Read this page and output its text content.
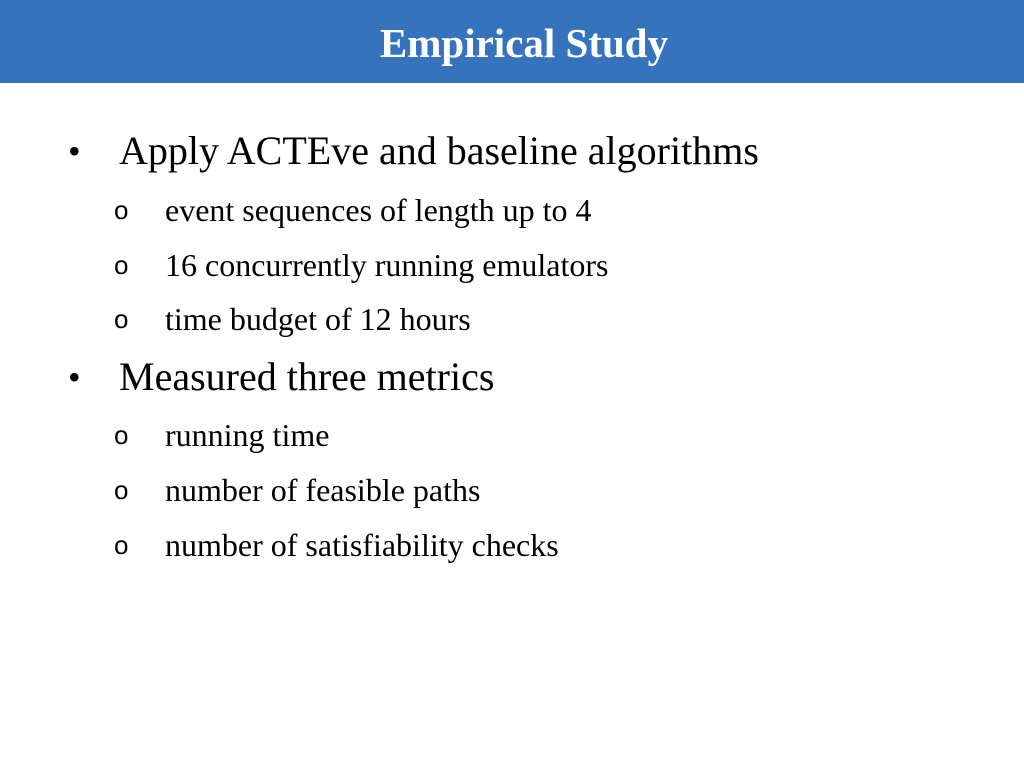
Empirical Study
• Apply ACTEve and baseline algorithms
o event sequences of length up to 4
o 16 concurrently running emulators
o time budget of 12 hours
• Measured three metrics
o running time
o number of feasible paths
o number of satisfiability checks
